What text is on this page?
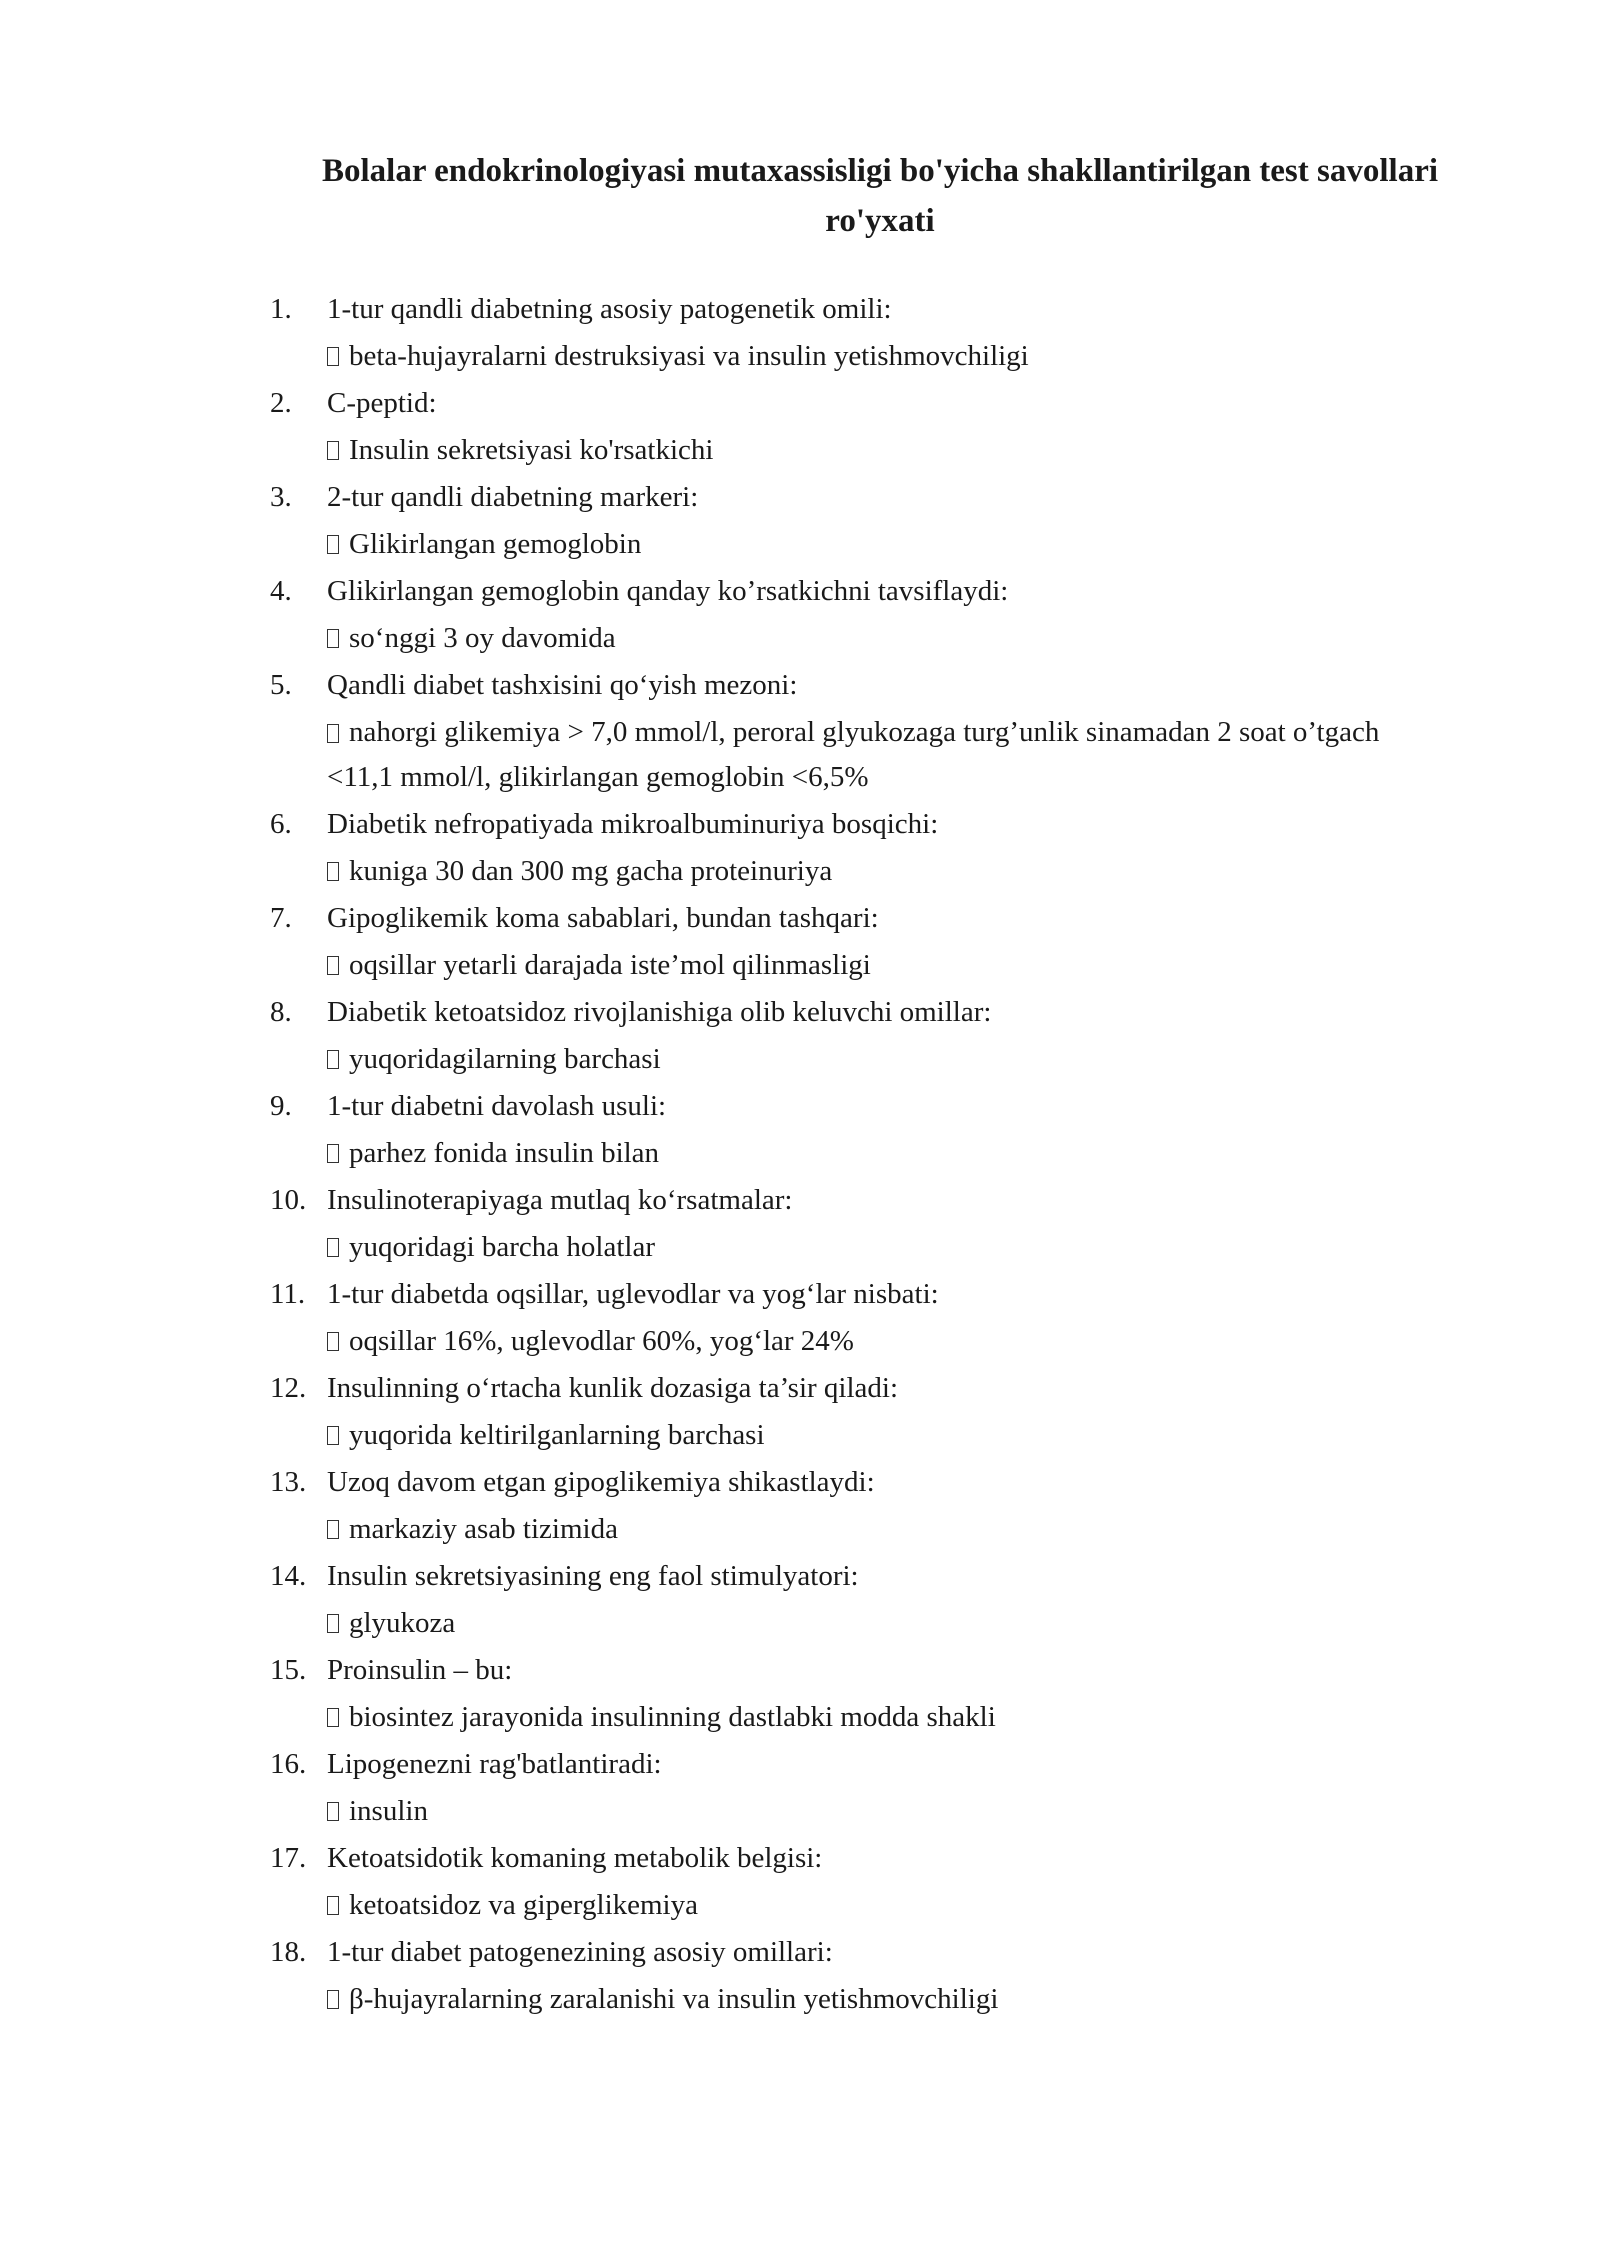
Bolalar endokrinologiyasi mutaxassisligi bo'yicha shakllantirilgan test savollari ro'yxati
1.	1-tur qandli diabetning asosiy patogenetik omili:
beta-hujayralarni destruksiyasi va insulin yetishmovchiligi
2.	C-peptid:
Insulin sekretsiyasi ko'rsatkichi
3.	2-tur qandli diabetning markeri:
Glikirlangan gemoglobin
4.	Glikirlangan gemoglobin qanday ko’rsatkichni tavsiflaydi:
so‘nggi 3 oy davomida
5.	Qandli diabet tashxisini qo‘yish mezoni:
nahorgi glikemiya > 7,0 mmol/l, peroral glyukozaga turg’unlik sinamadan 2 soat o’tgach <11,1 mmol/l, glikirlangan gemoglobin <6,5%
6.	Diabetik nefropatiyada mikroalbuminuriya bosqichi:
kuniga 30 dan 300 mg gacha proteinuriya
7.	Gipoglikemik koma sabablari, bundan tashqari:
oqsillar yetarli darajada iste’mol qilinmasligi
8.	Diabetik ketoatsidoz rivojlanishiga olib keluvchi omillar:
yuqoridagilarning barchasi
9.	1-tur diabetni davolash usuli:
parhez fonida insulin bilan
10. Insulinoterapiyaga mutlaq ko‘rsatmalar:
yuqoridagi barcha holatlar
11. 1-tur diabetda oqsillar, uglevodlar va yog‘lar nisbati:
oqsillar 16%, uglevodlar 60%, yog‘lar 24%
12. Insulinning o‘rtacha kunlik dozasiga ta’sir qiladi:
yuqorida keltirilganlarning barchasi
13. Uzoq davom etgan gipoglikemiya shikastlaydi:
markaziy asab tizimida
14. Insulin sekretsiyasining eng faol stimulyatori:
glyukoza
15. Proinsulin – bu:
biosintez jarayonida insulinning dastlabki modda shakli
16. Lipogenezni rag'batlantiradi:
insulin
17. Ketoatsidotik komaning metabolik belgisi:
ketoatsidoz va giperglikemiya
18. 1-tur diabet patogenezining asosiy omillari:
β-hujayralarning zaralanishi va insulin yetishmovchiligi
